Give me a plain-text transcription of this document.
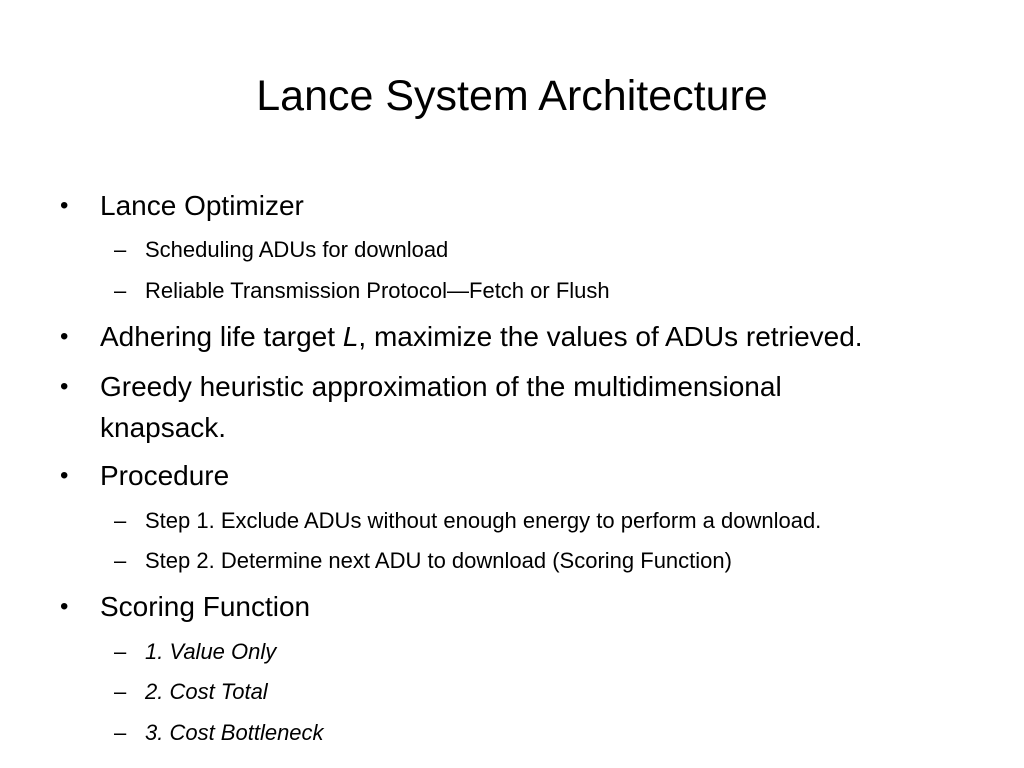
Lance System Architecture
• Lance Optimizer
– Scheduling ADUs for download
– Reliable Transmission Protocol—Fetch or Flush
• Adhering life target L, maximize the values of ADUs retrieved.
• Greedy heuristic approximation of the multidimensional
knapsack.
• Procedure
– Step 1. Exclude ADUs without enough energy to perform a download.
– Step 2. Determine next ADU to download (Scoring Function)
• Scoring Function
– 1. Value Only
– 2. Cost Total
– 3. Cost Bottleneck
